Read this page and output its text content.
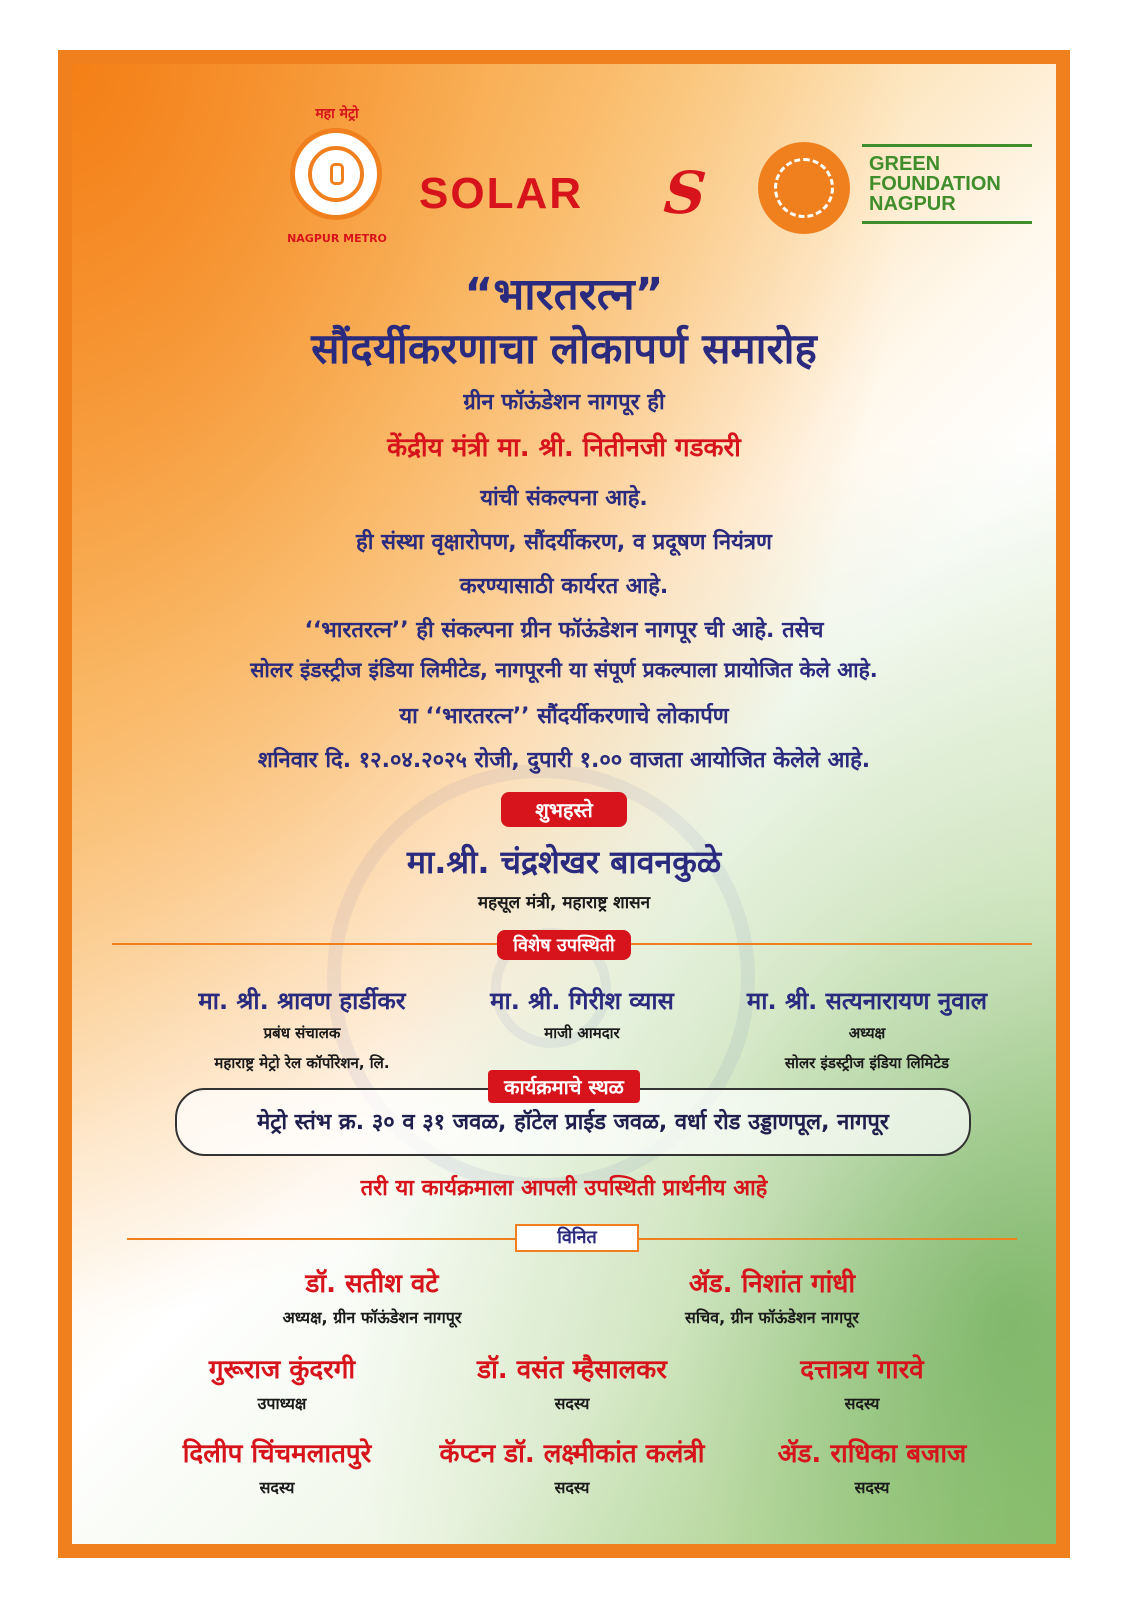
महा मेट्रो
NAGPUR METRO
SOLAR S	GREEN
FOUNDATION
NAGPUR
“भारतरत्न”
सौंदर्यीकरणाचा लोकापर्ण समारोह
ग्रीन फॉऊंडेशन नागपूर ही
केंद्रीय मंत्री मा. श्री. नितीनजी गडकरी
यांची संकल्पना आहे.
ही संस्था वृक्षारोपण, सौंदर्यीकरण, व प्रदूषण नियंत्रण
करण्यासाठी कार्यरत आहे.
‘‘भारतरत्न’’ ही संकल्पना ग्रीन फॉऊंडेशन नागपूर ची आहे. तसेच
सोलर इंडस्ट्रीज इंडिया लिमीटेड, नागपूरनी या संपूर्ण प्रकल्पाला प्रायोजित केले आहे.
या ‘‘भारतरत्न’’ सौंदर्यीकरणाचे लोकार्पण
शनिवार दि. १२.०४.२०२५ रोजी, दुपारी १.०० वाजता आयोजित केलेले आहे.
शुभहस्ते
मा.श्री. चंद्रशेखर बावनकुळे
महसूल मंत्री, महाराष्ट्र शासन
विशेष उपस्थिती
मा. श्री. श्रावण हार्डीकर
प्रबंध संचालक
महाराष्ट्र मेट्रो रेल कॉर्पोरेशन, लि.
मा. श्री. गिरीश व्यास
माजी आमदार
मा. श्री. सत्यनारायण नुवाल
अध्यक्ष
सोलर इंडस्ट्रीज इंडिया लिमिटेड
मेट्रो स्तंभ क्र. ३० व ३१ जवळ, हॉटेल प्राईड जवळ, वर्धा रोड उड्डाणपूल, नागपूर
कार्यक्रमाचे स्थळ
तरी या कार्यक्रमाला आपली उपस्थिती प्रार्थनीय आहे
विनित
डॉ. सतीश वटे
अध्यक्ष, ग्रीन फॉऊंडेशन नागपूर
ॲड. निशांत गांधी
सचिव, ग्रीन फॉऊंडेशन नागपूर
गुरूराज कुंदरगी
उपाध्यक्ष
डॉ. वसंत म्हैसालकर
सदस्य
दत्तात्रय गारवे
सदस्य
दिलीप चिंचमलातपुरे
सदस्य
कॅप्टन डॉ. लक्ष्मीकांत कलंत्री
सदस्य
ॲड. राधिका बजाज
सदस्य
